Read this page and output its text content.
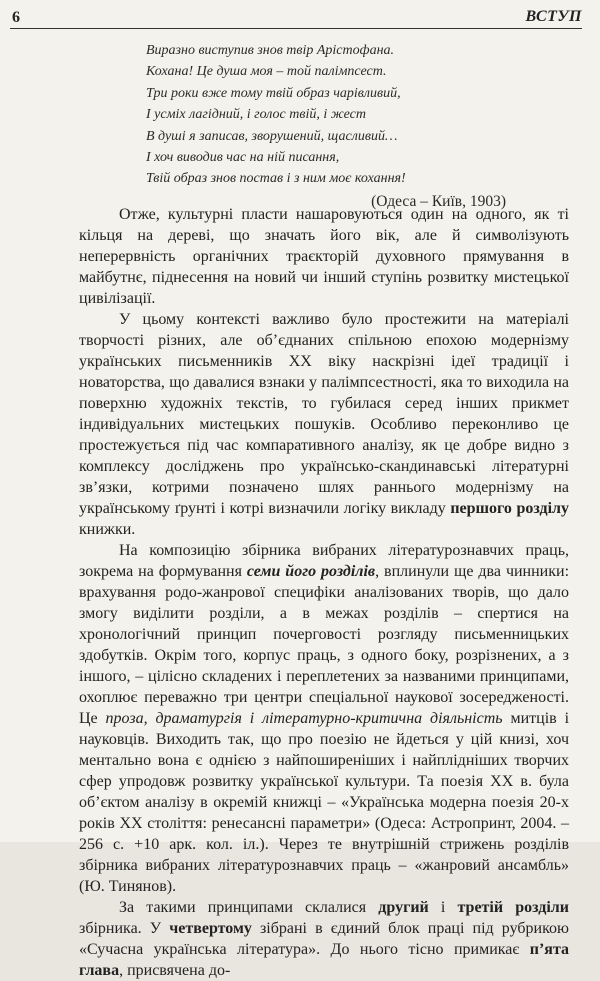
6	ВСТУП
Виразно виступив знов твір Арістофана.
Кохана! Це душа моя – той палімпсест.
Три роки вже тому твій образ чарівливий,
І усміх лагідний, і голос твій, і жест
В душі я записав, зворушений, щасливий…
І хоч виводив час на ній писання,
Твій образ знов постав і з ним моє кохання!
(Одеса – Київ, 1903)

Отже, культурні пласти нашаровуються один на одного, як ті кільця на дереві, що значать його вік, але й символізують неперервність органічних траєкторій духовного прямування в майбутнє, піднесення на новий чи інший ступінь розвитку мистецької цивілізації.

У цьому контексті важливо було простежити на матеріалі творчості різних, але об’єднаних спільною епохою модернізму українських письменників XX віку наскрізні ідеї традиції і новаторства, що давалися взнаки у палімпсестності, яка то виходила на поверхню художніх текстів, то губилася серед інших прикмет індивідуальних мистецьких пошуків. Особливо переконливо це простежується під час компаративного аналізу, як це добре видно з комплексу досліджень про українсько-скандинавські літературні зв’язки, котрими позначено шлях раннього модернізму на українському ґрунті і котрі визначили логіку викладу першого розділу книжки.

На композицію збірника вибраних літературознавчих праць, зокрема на формування семи його розділів, вплинули ще два чинники: врахування родо-жанрової специфіки аналізованих творів, що дало змогу виділити розділи, а в межах розділів – спертися на хронологічний принцип почерговості розгляду письменницьких здобутків. Окрім того, корпус праць, з одного боку, розрізнених, а з іншого, – цілісно складених і переплетених за названими принципами, охоплює переважно три центри спеціальної наукової зосередженості. Це проза, драматургія і літературно-критична діяльність митців і науковців. Виходить так, що про поезію не йдеться у цій книзі, хоч ментально вона є однією з найпоширеніших і найплідніших творчих сфер упродовж розвитку української культури. Та поезія XX в. була об’єктом аналізу в окремій книжці – «Українська модерна поезія 20-х років XX століття: ренесансні параметри» (Одеса: Астропринт, 2004. – 256 с. +10 арк. кол. іл.). Через те внутрішній стрижень розділів збірника вибраних літературознавчих праць – «жанровий ансамбль» (Ю. Тинянов).

За такими принципами склалися другий і третій розділи збірника. У четвертому зібрані в єдиний блок праці під рубрикою «Сучасна українська література». До нього тісно примикає п’ята глава, присвячена до-
